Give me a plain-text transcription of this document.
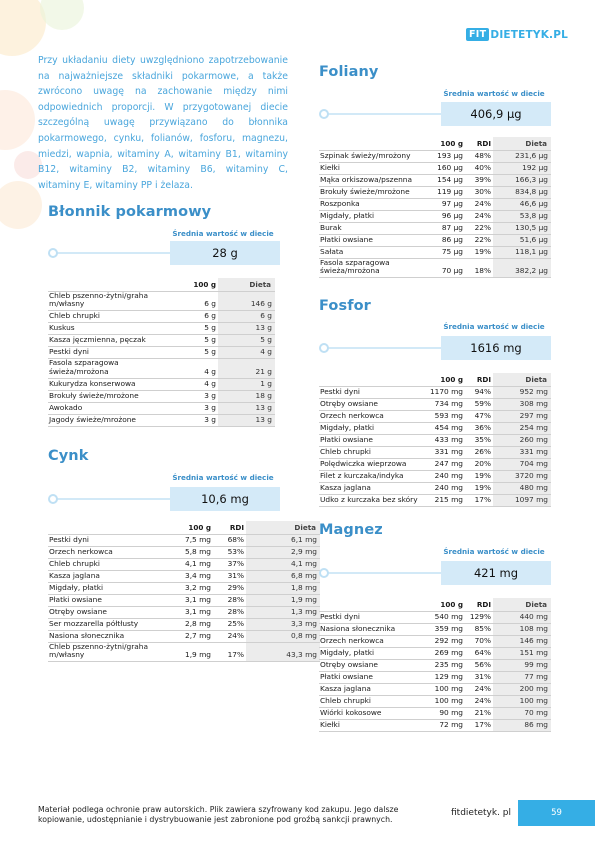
FIT DIETETYK.PL

Przy układaniu diety uwzględniono zapotrzebowanie na najważniejsze składniki pokarmowe, a także zwrócono uwagę na zachowanie między nimi odpowiednich proporcji. W przygotowanej diecie szczególną uwagę przywiązano do błonnika pokarmowego, cynku, folianów, fosforu, magnezu, miedzi, wapnia, witaminy A, witaminy B1, witaminy B12, witaminy B2, witaminy B6, witaminy C, witaminy E, witaminy PP i żelaza.

Błonnik pokarmowy
Średnia wartość w diecie
28 g
	100 g	Dieta
Chleb pszenno-żytni/graha m/własny	6 g	146 g
Chleb chrupki	6 g	6 g
Kuskus	5 g	13 g
Kasza jęczmienna, pęczak	5 g	5 g
Pestki dyni	5 g	4 g
Fasola szparagowa świeża/mrożona	4 g	21 g
Kukurydza konserwowa	4 g	1 g
Brokuły świeże/mrożone	3 g	18 g
Awokado	3 g	13 g
Jagody świeże/mrożone	3 g	13 g
Cynk
Średnia wartość w diecie
10,6 mg
	100 g	RDI	Dieta
Pestki dyni	7,5 mg	68%	6,1 mg
Orzech nerkowca	5,8 mg	53%	2,9 mg
Chleb chrupki	4,1 mg	37%	4,1 mg
Kasza jaglana	3,4 mg	31%	6,8 mg
Migdały, płatki	3,2 mg	29%	1,8 mg
Płatki owsiane	3,1 mg	28%	1,9 mg
Otręby owsiane	3,1 mg	28%	1,3 mg
Ser mozzarella półtłusty	2,8 mg	25%	3,3 mg
Nasiona słonecznika	2,7 mg	24%	0,8 mg
Chleb pszenno-żytni/graha m/własny	1,9 mg	17%	43,3 mg
Foliany
Średnia wartość w diecie
406,9 µg
	100 g	RDI	Dieta
Szpinak świeży/mrożony	193 µg	48%	231,6 µg
Kiełki	160 µg	40%	192 µg
Mąka orkiszowa/pszenna	154 µg	39%	166,3 µg
Brokuły świeże/mrożone	119 µg	30%	834,8 µg
Roszponka	97 µg	24%	46,6 µg
Migdały, płatki	96 µg	24%	53,8 µg
Burak	87 µg	22%	130,5 µg
Płatki owsiane	86 µg	22%	51,6 µg
Sałata	75 µg	19%	118,1 µg
Fasola szparagowa świeża/mrożona	70 µg	18%	382,2 µg
Fosfor
Średnia wartość w diecie
1616 mg
	100 g	RDI	Dieta
Pestki dyni	1170 mg	94%	952 mg
Otręby owsiane	734 mg	59%	308 mg
Orzech nerkowca	593 mg	47%	297 mg
Migdały, płatki	454 mg	36%	254 mg
Płatki owsiane	433 mg	35%	260 mg
Chleb chrupki	331 mg	26%	331 mg
Polędwiczka wieprzowa	247 mg	20%	704 mg
Filet z kurczaka/indyka	240 mg	19%	3720 mg
Kasza jaglana	240 mg	19%	480 mg
Udko z kurczaka bez skóry	215 mg	17%	1097 mg
Magnez
Średnia wartość w diecie
421 mg
	100 g	RDI	Dieta
Pestki dyni	540 mg	129%	440 mg
Nasiona słonecznika	359 mg	85%	108 mg
Orzech nerkowca	292 mg	70%	146 mg
Migdały, płatki	269 mg	64%	151 mg
Otręby owsiane	235 mg	56%	99 mg
Płatki owsiane	129 mg	31%	77 mg
Kasza jaglana	100 mg	24%	200 mg
Chleb chrupki	100 mg	24%	100 mg
Wiórki kokosowe	90 mg	21%	70 mg
Kiełki	72 mg	17%	86 mg
Materiał podlega ochronie praw autorskich. Plik zawiera szyfrowany kod zakupu. Jego dalsze kopiowanie, udostępnianie i dystrybuowanie jest zabronione pod groźbą sankcji prawnych.
fitdietetyk. pl	59
